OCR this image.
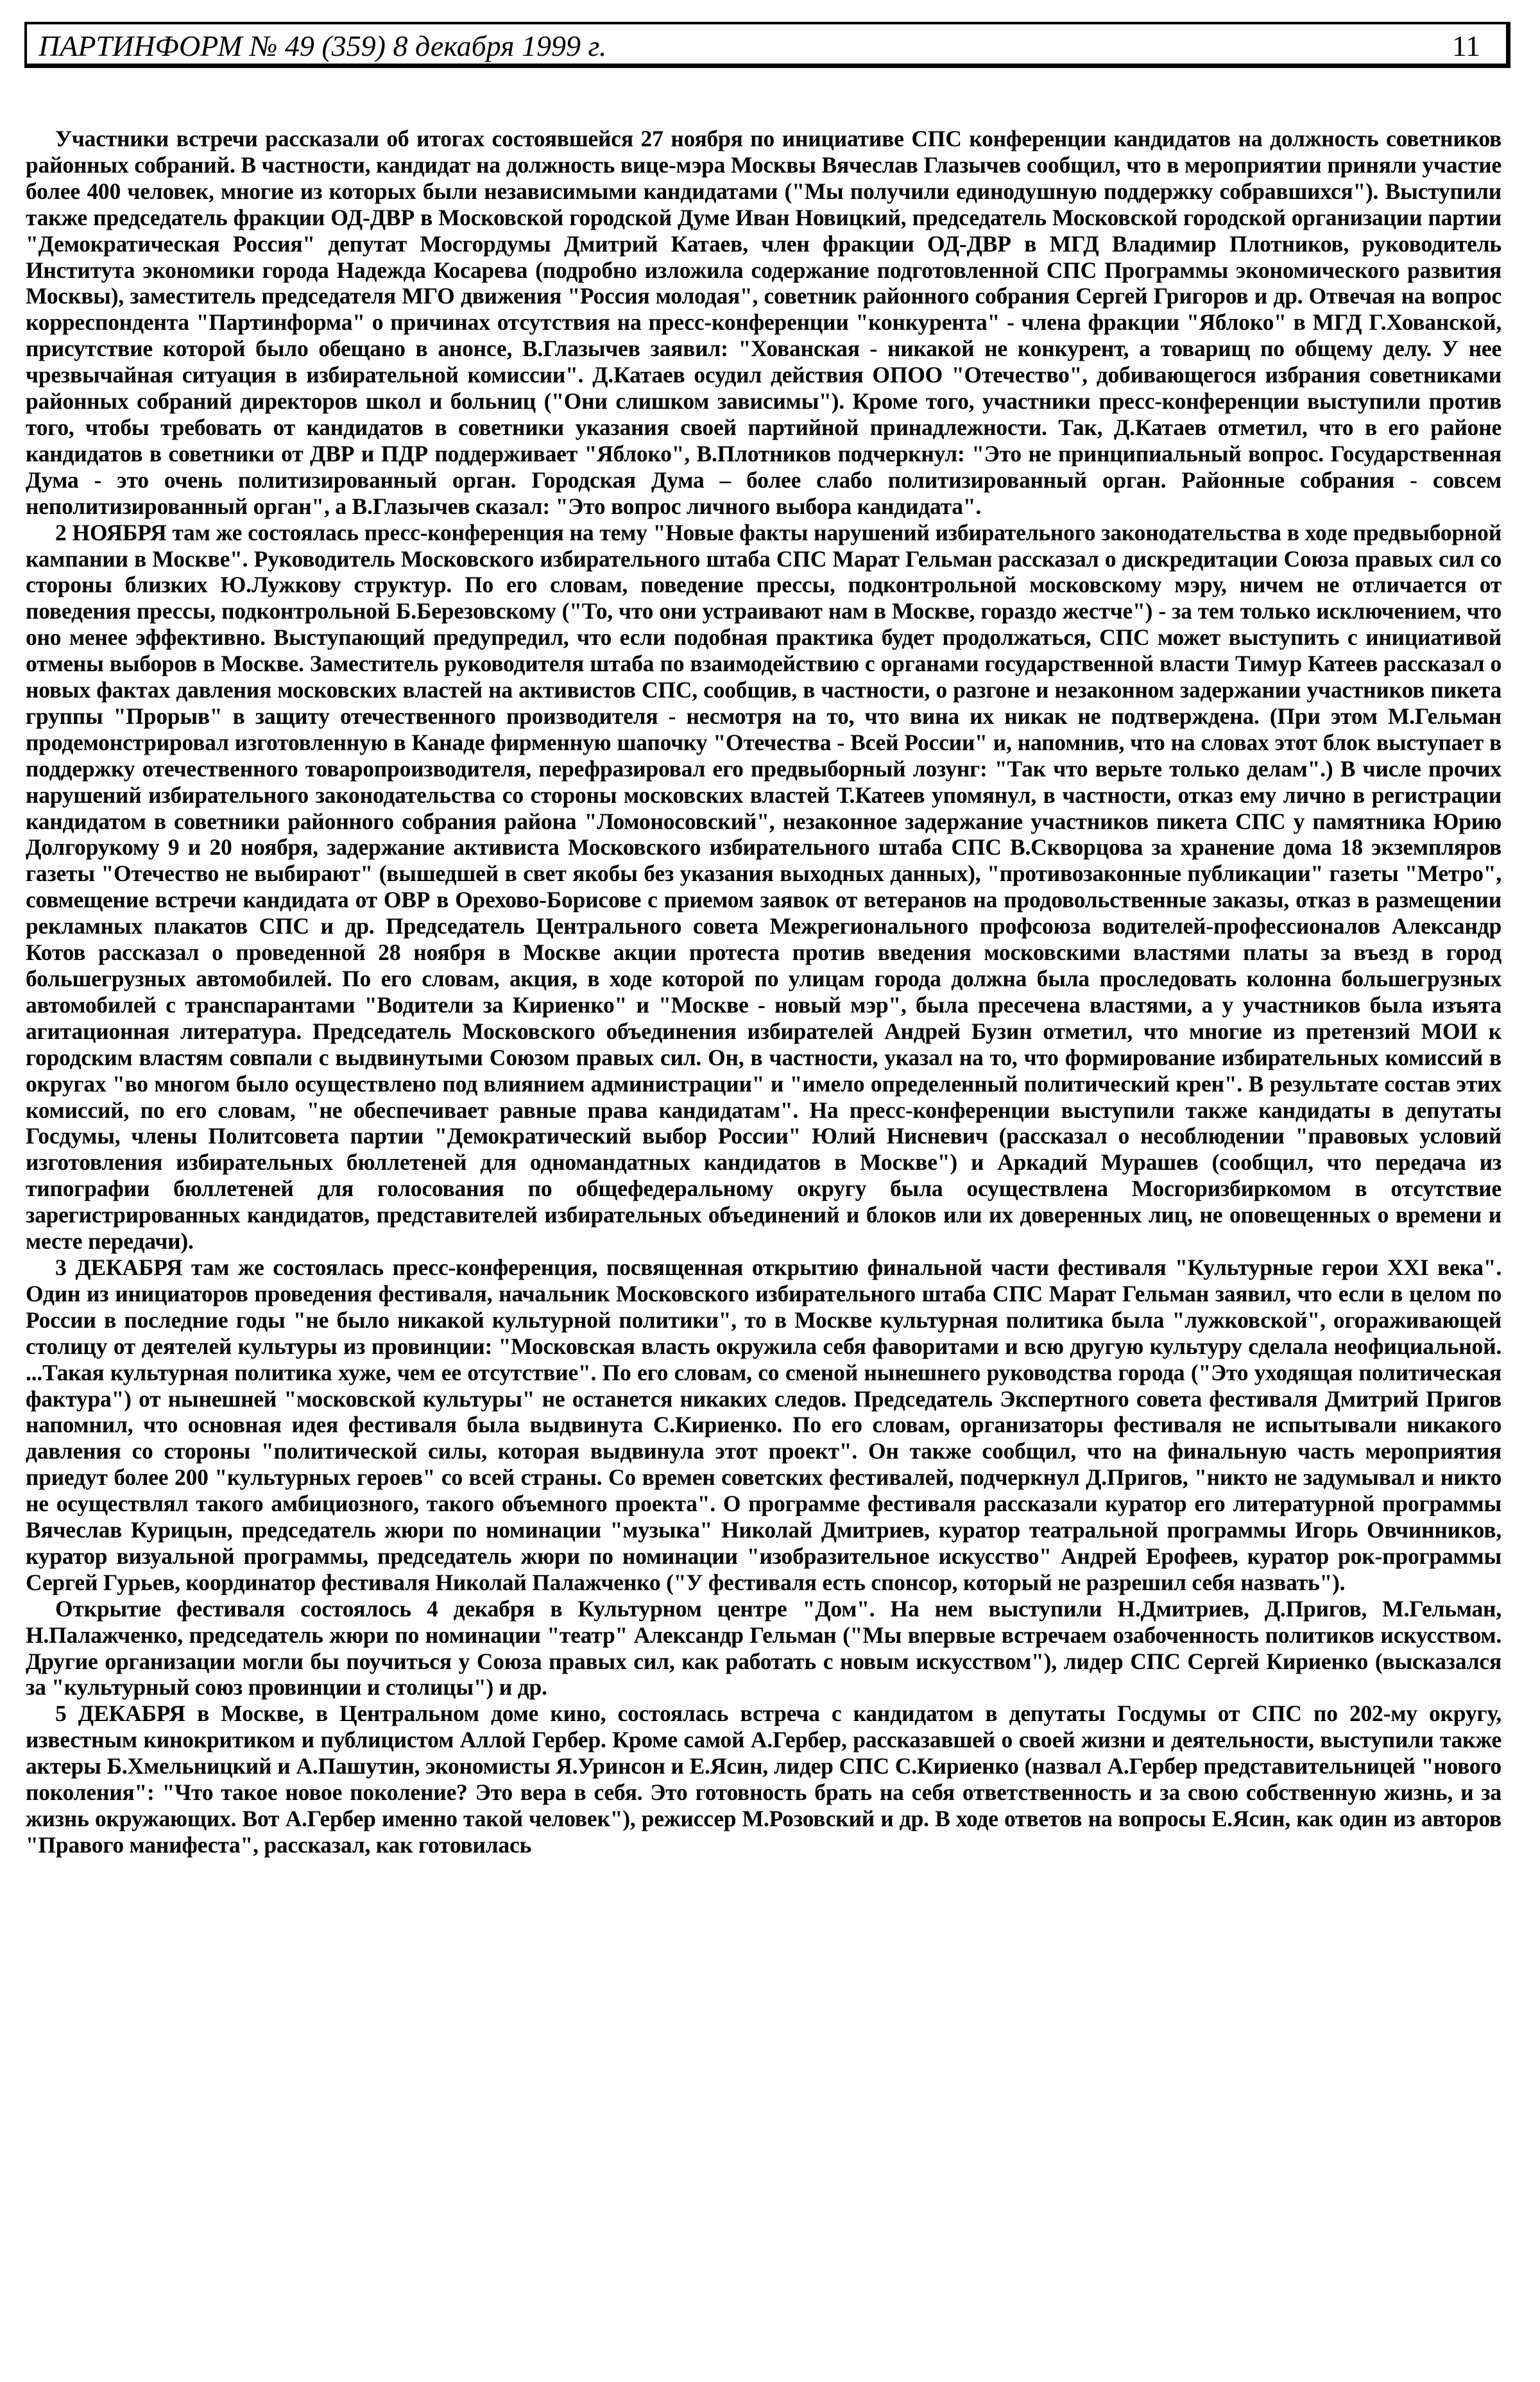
ПАРТИНФОРМ № 49 (359) 8 декабря 1999 г.	11

Участники встречи рассказали об итогах состоявшейся 27 ноября по инициативе СПС конференции кандидатов на должность советников районных собраний. В частности, кандидат на должность вице-мэра Москвы Вячеслав Глазычев сообщил, что в мероприятии приняли участие более 400 человек, многие из которых были независимыми кандидатами ("Мы получили единодушную поддержку собравшихся"). Выступили также председатель фракции ОД-ДВР в Московской городской Думе Иван Новицкий, председатель Московской городской организации партии "Демократическая Россия" депутат Мосгордумы Дмитрий Катаев, член фракции ОД-ДВР в МГД Владимир Плотников, руководитель Института экономики города Надежда Косарева (подробно изложила содержание подготовленной СПС Программы экономического развития Москвы), заместитель председателя МГО движения "Россия молодая", советник районного собрания Сергей Григоров и др. Отвечая на вопрос корреспондента "Партинформа" о причинах отсутствия на пресс-конференции "конкурента" - члена фракции "Яблоко" в МГД Г.Хованской, присутствие которой было обещано в анонсе, В.Глазычев заявил: "Хованская - никакой не конкурент, а товарищ по общему делу. У нее чрезвычайная ситуация в избирательной комиссии". Д.Катаев осудил действия ОПОО "Отечество", добивающегося избрания советниками районных собраний директоров школ и больниц ("Они слишком зависимы"). Кроме того, участники пресс-конференции выступили против того, чтобы требовать от кандидатов в советники указания своей партийной принадлежности. Так, Д.Катаев отметил, что в его районе кандидатов в советники от ДВР и ПДР поддерживает "Яблоко", В.Плотников подчеркнул: "Это не принципиальный вопрос. Государственная Дума - это очень политизированный орган. Городская Дума – более слабо политизированный орган. Районные собрания - совсем неполитизированный орган", а В.Глазычев сказал: "Это вопрос личного выбора кандидата".

2 НОЯБРЯ там же состоялась пресс-конференция на тему "Новые факты нарушений избирательного законодательства в ходе предвыборной кампании в Москве". Руководитель Московского избирательного штаба СПС Марат Гельман рассказал о дискредитации Союза правых сил со стороны близких Ю.Лужкову структур. По его словам, поведение прессы, подконтрольной московскому мэру, ничем не отличается от поведения прессы, подконтрольной Б.Березовскому ("То, что они устраивают нам в Москве, гораздо жестче") - за тем только исключением, что оно менее эффективно. Выступающий предупредил, что если подобная практика будет продолжаться, СПС может выступить с инициативой отмены выборов в Москве. Заместитель руководителя штаба по взаимодействию с органами государственной власти Тимур Катеев рассказал о новых фактах давления московских властей на активистов СПС, сообщив, в частности, о разгоне и незаконном задержании участников пикета группы "Прорыв" в защиту отечественного производителя - несмотря на то, что вина их никак не подтверждена. (При этом М.Гельман продемонстрировал изготовленную в Канаде фирменную шапочку "Отечества - Всей России" и, напомнив, что на словах этот блок выступает в поддержку отечественного товаропроизводителя, перефразировал его предвыборный лозунг: "Так что верьте только делам".) В числе прочих нарушений избирательного законодательства со стороны московских властей Т.Катеев упомянул, в частности, отказ ему лично в регистрации кандидатом в советники районного собрания района "Ломоносовский", незаконное задержание участников пикета СПС у памятника Юрию Долгорукому 9 и 20 ноября, задержание активиста Московского избирательного штаба СПС В.Скворцова за хранение дома 18 экземпляров газеты "Отечество не выбирают" (вышедшей в свет якобы без указания выходных данных), "противозаконные публикации" газеты "Метро", совмещение встречи кандидата от ОВР в Орехово-Борисове с приемом заявок от ветеранов на продовольственные заказы, отказ в размещении рекламных плакатов СПС и др. Председатель Центрального совета Межрегионального профсоюза водителей-профессионалов Александр Котов рассказал о проведенной 28 ноября в Москве акции протеста против введения московскими властями платы за въезд в город большегрузных автомобилей. По его словам, акция, в ходе которой по улицам города должна была проследовать колонна большегрузных автомобилей с транспарантами "Водители за Кириенко" и "Москве - новый мэр", была пресечена властями, а у участников была изъята агитационная литература. Председатель Московского объединения избирателей Андрей Бузин отметил, что многие из претензий МОИ к городским властям совпали с выдвинутыми Союзом правых сил. Он, в частности, указал на то, что формирование избирательных комиссий в округах "во многом было осуществлено под влиянием администрации" и "имело определенный политический крен". В результате состав этих комиссий, по его словам, "не обеспечивает равные права кандидатам". На пресс-конференции выступили также кандидаты в депутаты Госдумы, члены Политсовета партии "Демократический выбор России" Юлий Нисневич (рассказал о несоблюдении "правовых условий изготовления избирательных бюллетеней для одномандатных кандидатов в Москве") и Аркадий Мурашев (сообщил, что передача из типографии бюллетеней для голосования по общефедеральному округу была осуществлена Мосгоризбиркомом в отсутствие зарегистрированных кандидатов, представителей избирательных объединений и блоков или их доверенных лиц, не оповещенных о времени и месте передачи).

3 ДЕКАБРЯ там же состоялась пресс-конференция, посвященная открытию финальной части фестиваля "Культурные герои XXI века". Один из инициаторов проведения фестиваля, начальник Московского избирательного штаба СПС Марат Гельман заявил, что если в целом по России в последние годы "не было никакой культурной политики", то в Москве культурная политика была "лужковской", огораживающей столицу от деятелей культуры из провинции: "Московская власть окружила себя фаворитами и всю другую культуру сделала неофициальной. ...Такая культурная политика хуже, чем ее отсутствие". По его словам, со сменой нынешнего руководства города ("Это уходящая политическая фактура") от нынешней "московской культуры" не останется никаких следов. Председатель Экспертного совета фестиваля Дмитрий Пригов напомнил, что основная идея фестиваля была выдвинута С.Кириенко. По его словам, организаторы фестиваля не испытывали никакого давления со стороны "политической силы, которая выдвинула этот проект". Он также сообщил, что на финальную часть мероприятия приедут более 200 "культурных героев" со всей страны. Со времен советских фестивалей, подчеркнул Д.Пригов, "никто не задумывал и никто не осуществлял такого амбициозного, такого объемного проекта". О программе фестиваля рассказали куратор его литературной программы Вячеслав Курицын, председатель жюри по номинации "музыка" Николай Дмитриев, куратор театральной программы Игорь Овчинников, куратор визуальной программы, председатель жюри по номинации "изобразительное искусство" Андрей Ерофеев, куратор рок-программы Сергей Гурьев, координатор фестиваля Николай Палажченко ("У фестиваля есть спонсор, который не разрешил себя назвать").

Открытие фестиваля состоялось 4 декабря в Культурном центре "Дом". На нем выступили Н.Дмитриев, Д.Пригов, М.Гельман, Н.Палажченко, председатель жюри по номинации "театр" Александр Гельман ("Мы впервые встречаем озабоченность политиков искусством. Другие организации могли бы поучиться у Союза правых сил, как работать с новым искусством"), лидер СПС Сергей Кириенко (высказался за "культурный союз провинции и столицы") и др.

5 ДЕКАБРЯ в Москве, в Центральном доме кино, состоялась встреча с кандидатом в депутаты Госдумы от СПС по 202-му округу, известным кинокритиком и публицистом Аллой Гербер. Кроме самой А.Гербер, рассказавшей о своей жизни и деятельности, выступили также актеры Б.Хмельницкий и А.Пашутин, экономисты Я.Уринсон и Е.Ясин, лидер СПС С.Кириенко (назвал А.Гербер представительницей "нового поколения": "Что такое новое поколение? Это вера в себя. Это готовность брать на себя ответственность и за свою собственную жизнь, и за жизнь окружающих. Вот А.Гербер именно такой человек"), режиссер М.Розовский и др. В ходе ответов на вопросы Е.Ясин, как один из авторов "Правого манифеста", рассказал, как готовилась
